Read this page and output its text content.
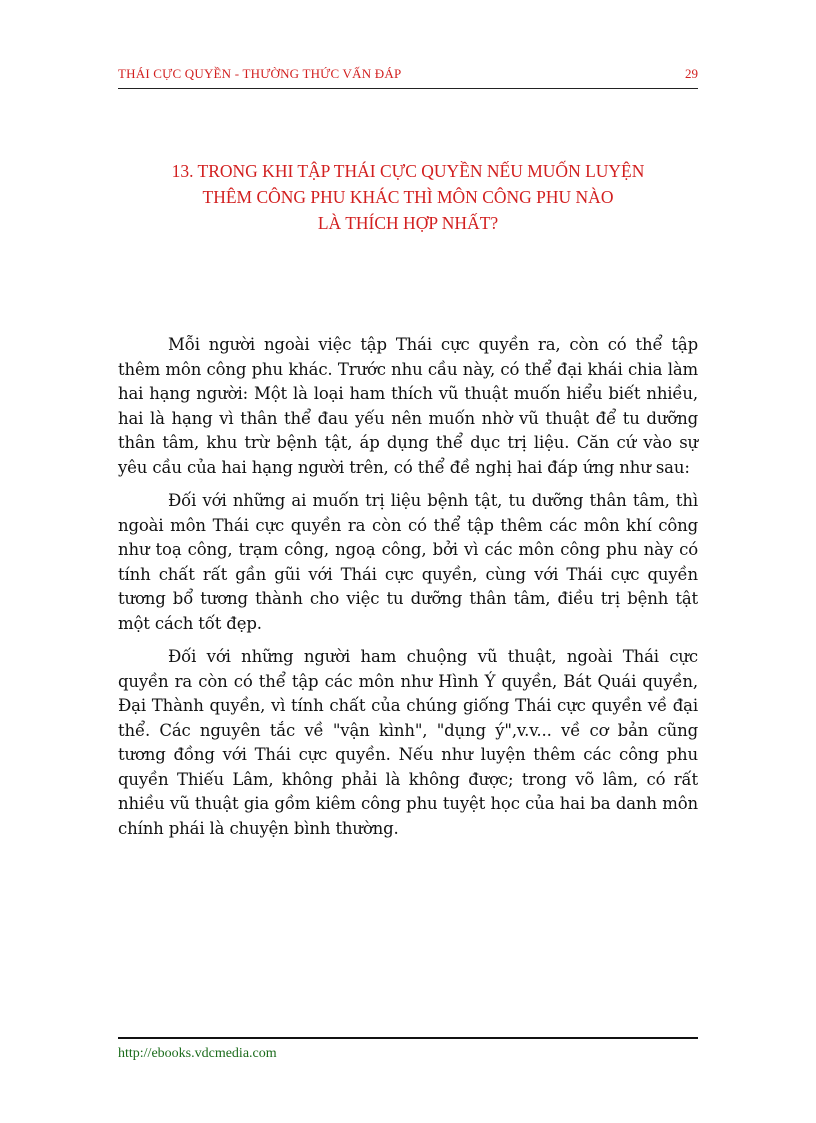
THÁI CỰC QUYỀN - THƯỜNG THỨC VẤN ĐÁP	29
13. TRONG KHI TẬP THÁI CỰC QUYỀN NẾU MUỐN LUYỆN
THÊM CÔNG PHU KHÁC THÌ MÔN CÔNG PHU NÀO
LÀ THÍCH HỢP NHẤT?

Mỗi người ngoài việc tập Thái cực quyền ra, còn có thể tập thêm môn công phu khác. Trước nhu cầu này, có thể đại khái chia làm hai hạng người: Một là loại ham thích vũ thuật muốn hiểu biết nhiều, hai là hạng vì thân thể đau yếu nên muốn nhờ vũ thuật để tu dưỡng thân tâm, khu trừ bệnh tật, áp dụng thể dục trị liệu. Căn cứ vào sự yêu cầu của hai hạng người trên, có thể đề nghị hai đáp ứng như sau:

Đối với những ai muốn trị liệu bệnh tật, tu dưỡng thân tâm, thì ngoài môn Thái cực quyền ra còn có thể tập thêm các môn khí công như toạ công, trạm công, ngoạ công, bởi vì các môn công phu này có tính chất rất gần gũi với Thái cực quyền, cùng với Thái cực quyền tương bổ tương thành cho việc tu dưỡng thân tâm, điều trị bệnh tật một cách tốt đẹp.

Đối với những người ham chuộng vũ thuật, ngoài Thái cực quyền ra còn có thể tập các môn như Hình Ý quyền, Bát Quái quyền, Đại Thành quyền, vì tính chất của chúng giống Thái cực quyền về đại thể. Các nguyên tắc về "vận kình", "dụng ý",v.v... về cơ bản cũng tương đồng với Thái cực quyền. Nếu như luyện thêm các công phu quyền Thiếu Lâm, không phải là không được; trong võ lâm, có rất nhiều vũ thuật gia gồm kiêm công phu tuyệt học của hai ba danh môn chính phái là chuyện bình thường.

http://ebooks.vdcmedia.com
